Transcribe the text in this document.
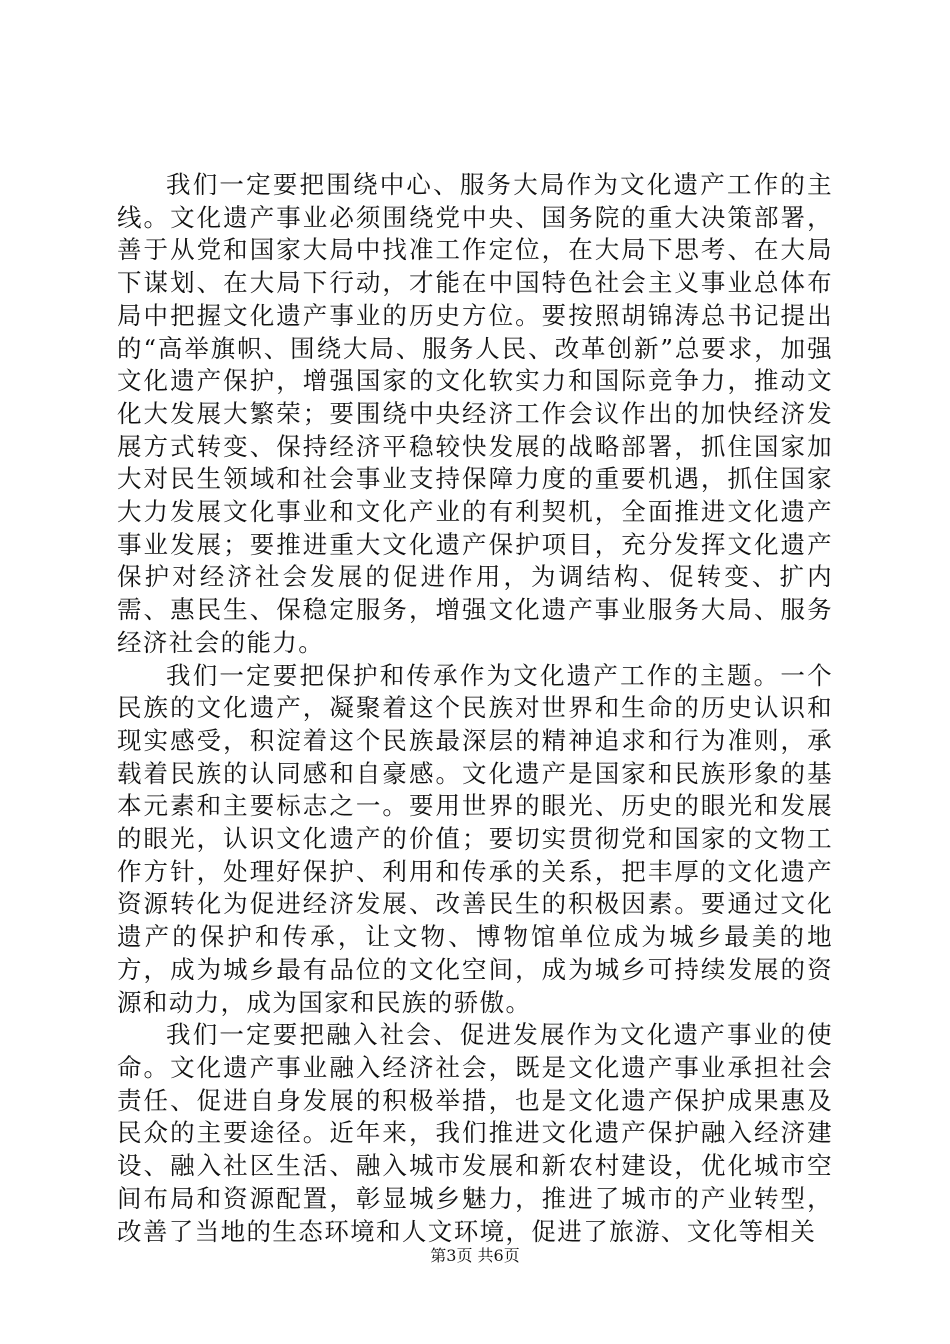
我们一定要把围绕中心、服务大局作为文化遗产工作的主线。文化遗产事业必须围绕党中央、国务院的重大决策部署，善于从党和国家大局中找准工作定位，在大局下思考、在大局下谋划、在大局下行动，才能在中国特色社会主义事业总体布局中把握文化遗产事业的历史方位。要按照胡锦涛总书记提出的“高举旗帜、围绕大局、服务人民、改革创新”总要求，加强文化遗产保护，增强国家的文化软实力和国际竞争力，推动文化大发展大繁荣；要围绕中央经济工作会议作出的加快经济发展方式转变、保持经济平稳较快发展的战略部署，抓住国家加大对民生领域和社会事业支持保障力度的重要机遇，抓住国家大力发展文化事业和文化产业的有利契机，全面推进文化遗产事业发展；要推进重大文化遗产保护项目，充分发挥文化遗产保护对经济社会发展的促进作用，为调结构、促转变、扩内需、惠民生、保稳定服务，增强文化遗产事业服务大局、服务经济社会的能力。

我们一定要把保护和传承作为文化遗产工作的主题。一个民族的文化遗产，凝聚着这个民族对世界和生命的历史认识和现实感受，积淀着这个民族最深层的精神追求和行为准则，承载着民族的认同感和自豪感。文化遗产是国家和民族形象的基本元素和主要标志之一。要用世界的眼光、历史的眼光和发展的眼光，认识文化遗产的价值；要切实贯彻党和国家的文物工作方针，处理好保护、利用和传承的关系，把丰厚的文化遗产资源转化为促进经济发展、改善民生的积极因素。要通过文化遗产的保护和传承，让文物、博物馆单位成为城乡最美的地方，成为城乡最有品位的文化空间，成为城乡可持续发展的资源和动力，成为国家和民族的骄傲。

我们一定要把融入社会、促进发展作为文化遗产事业的使命。文化遗产事业融入经济社会，既是文化遗产事业承担社会责任、促进自身发展的积极举措，也是文化遗产保护成果惠及民众的主要途径。近年来，我们推进文化遗产保护融入经济建设、融入社区生活、融入城市发展和新农村建设，优化城市空间布局和资源配置，彰显城乡魅力，推进了城市的产业转型，改善了当地的生态环境和人文环境，促进了旅游、文化等相关

第3页 共6页
